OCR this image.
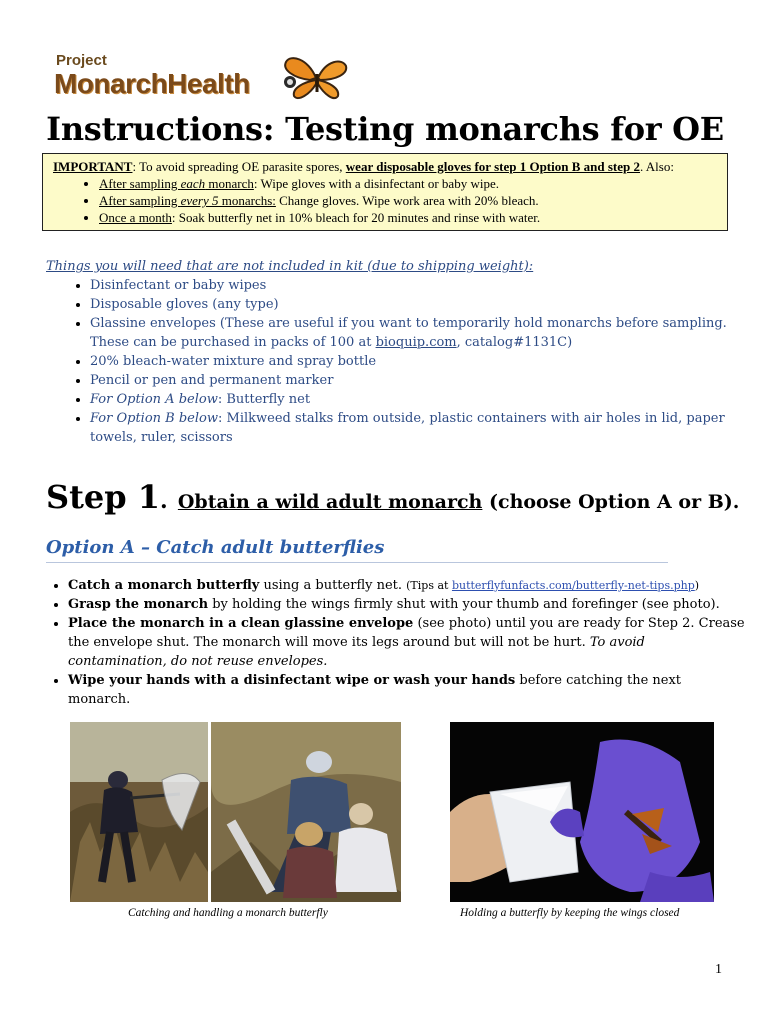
Project
MonarchHealth
Instructions: Testing monarchs for OE
IMPORTANT: To avoid spreading OE parasite spores, wear disposable gloves for step 1 Option B and step 2. Also:
• After sampling each monarch: Wipe gloves with a disinfectant or baby wipe.
• After sampling every 5 monarchs: Change gloves. Wipe work area with 20% bleach.
• Once a month: Soak butterfly net in 10% bleach for 20 minutes and rinse with water.
Things you will need that are not included in kit (due to shipping weight):
• Disinfectant or baby wipes
• Disposable gloves (any type)
• Glassine envelopes (These are useful if you want to temporarily hold monarchs before sampling. These can be purchased in packs of 100 at bioquip.com, catalog#1131C)
• 20% bleach-water mixture and spray bottle
• Pencil or pen and permanent marker
• For Option A below: Butterfly net
• For Option B below: Milkweed stalks from outside, plastic containers with air holes in lid, paper towels, ruler, scissors
Step 1. Obtain a wild adult monarch (choose Option A or B).
Option A – Catch adult butterflies
• Catch a monarch butterfly using a butterfly net. (Tips at butterflyfunfacts.com/butterfly-net-tips.php)
• Grasp the monarch by holding the wings firmly shut with your thumb and forefinger (see photo).
• Place the monarch in a clean glassine envelope (see photo) until you are ready for Step 2. Crease the envelope shut. The monarch will move its legs around but will not be hurt. To avoid contamination, do not reuse envelopes.
• Wipe your hands with a disinfectant wipe or wash your hands before catching the next monarch.
Catching and handling a monarch butterfly	Holding a butterfly by keeping the wings closed
1
